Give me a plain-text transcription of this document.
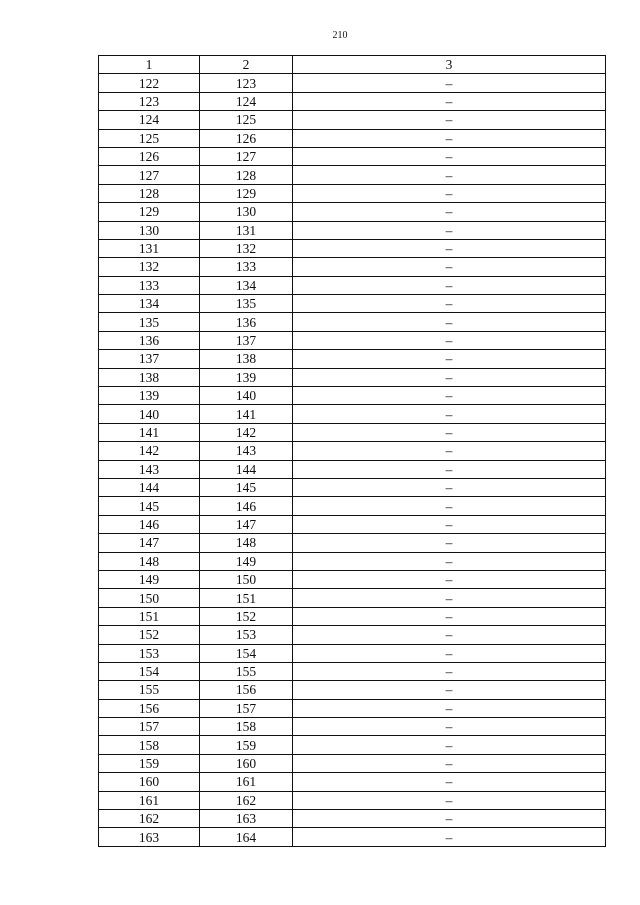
210
1	2	3
122	123	–
123	124	–
124	125	–
125	126	–
126	127	–
127	128	–
128	129	–
129	130	–
130	131	–
131	132	–
132	133	–
133	134	–
134	135	–
135	136	–
136	137	–
137	138	–
138	139	–
139	140	–
140	141	–
141	142	–
142	143	–
143	144	–
144	145	–
145	146	–
146	147	–
147	148	–
148	149	–
149	150	–
150	151	–
151	152	–
152	153	–
153	154	–
154	155	–
155	156	–
156	157	–
157	158	–
158	159	–
159	160	–
160	161	–
161	162	–
162	163	–
163	164	–
